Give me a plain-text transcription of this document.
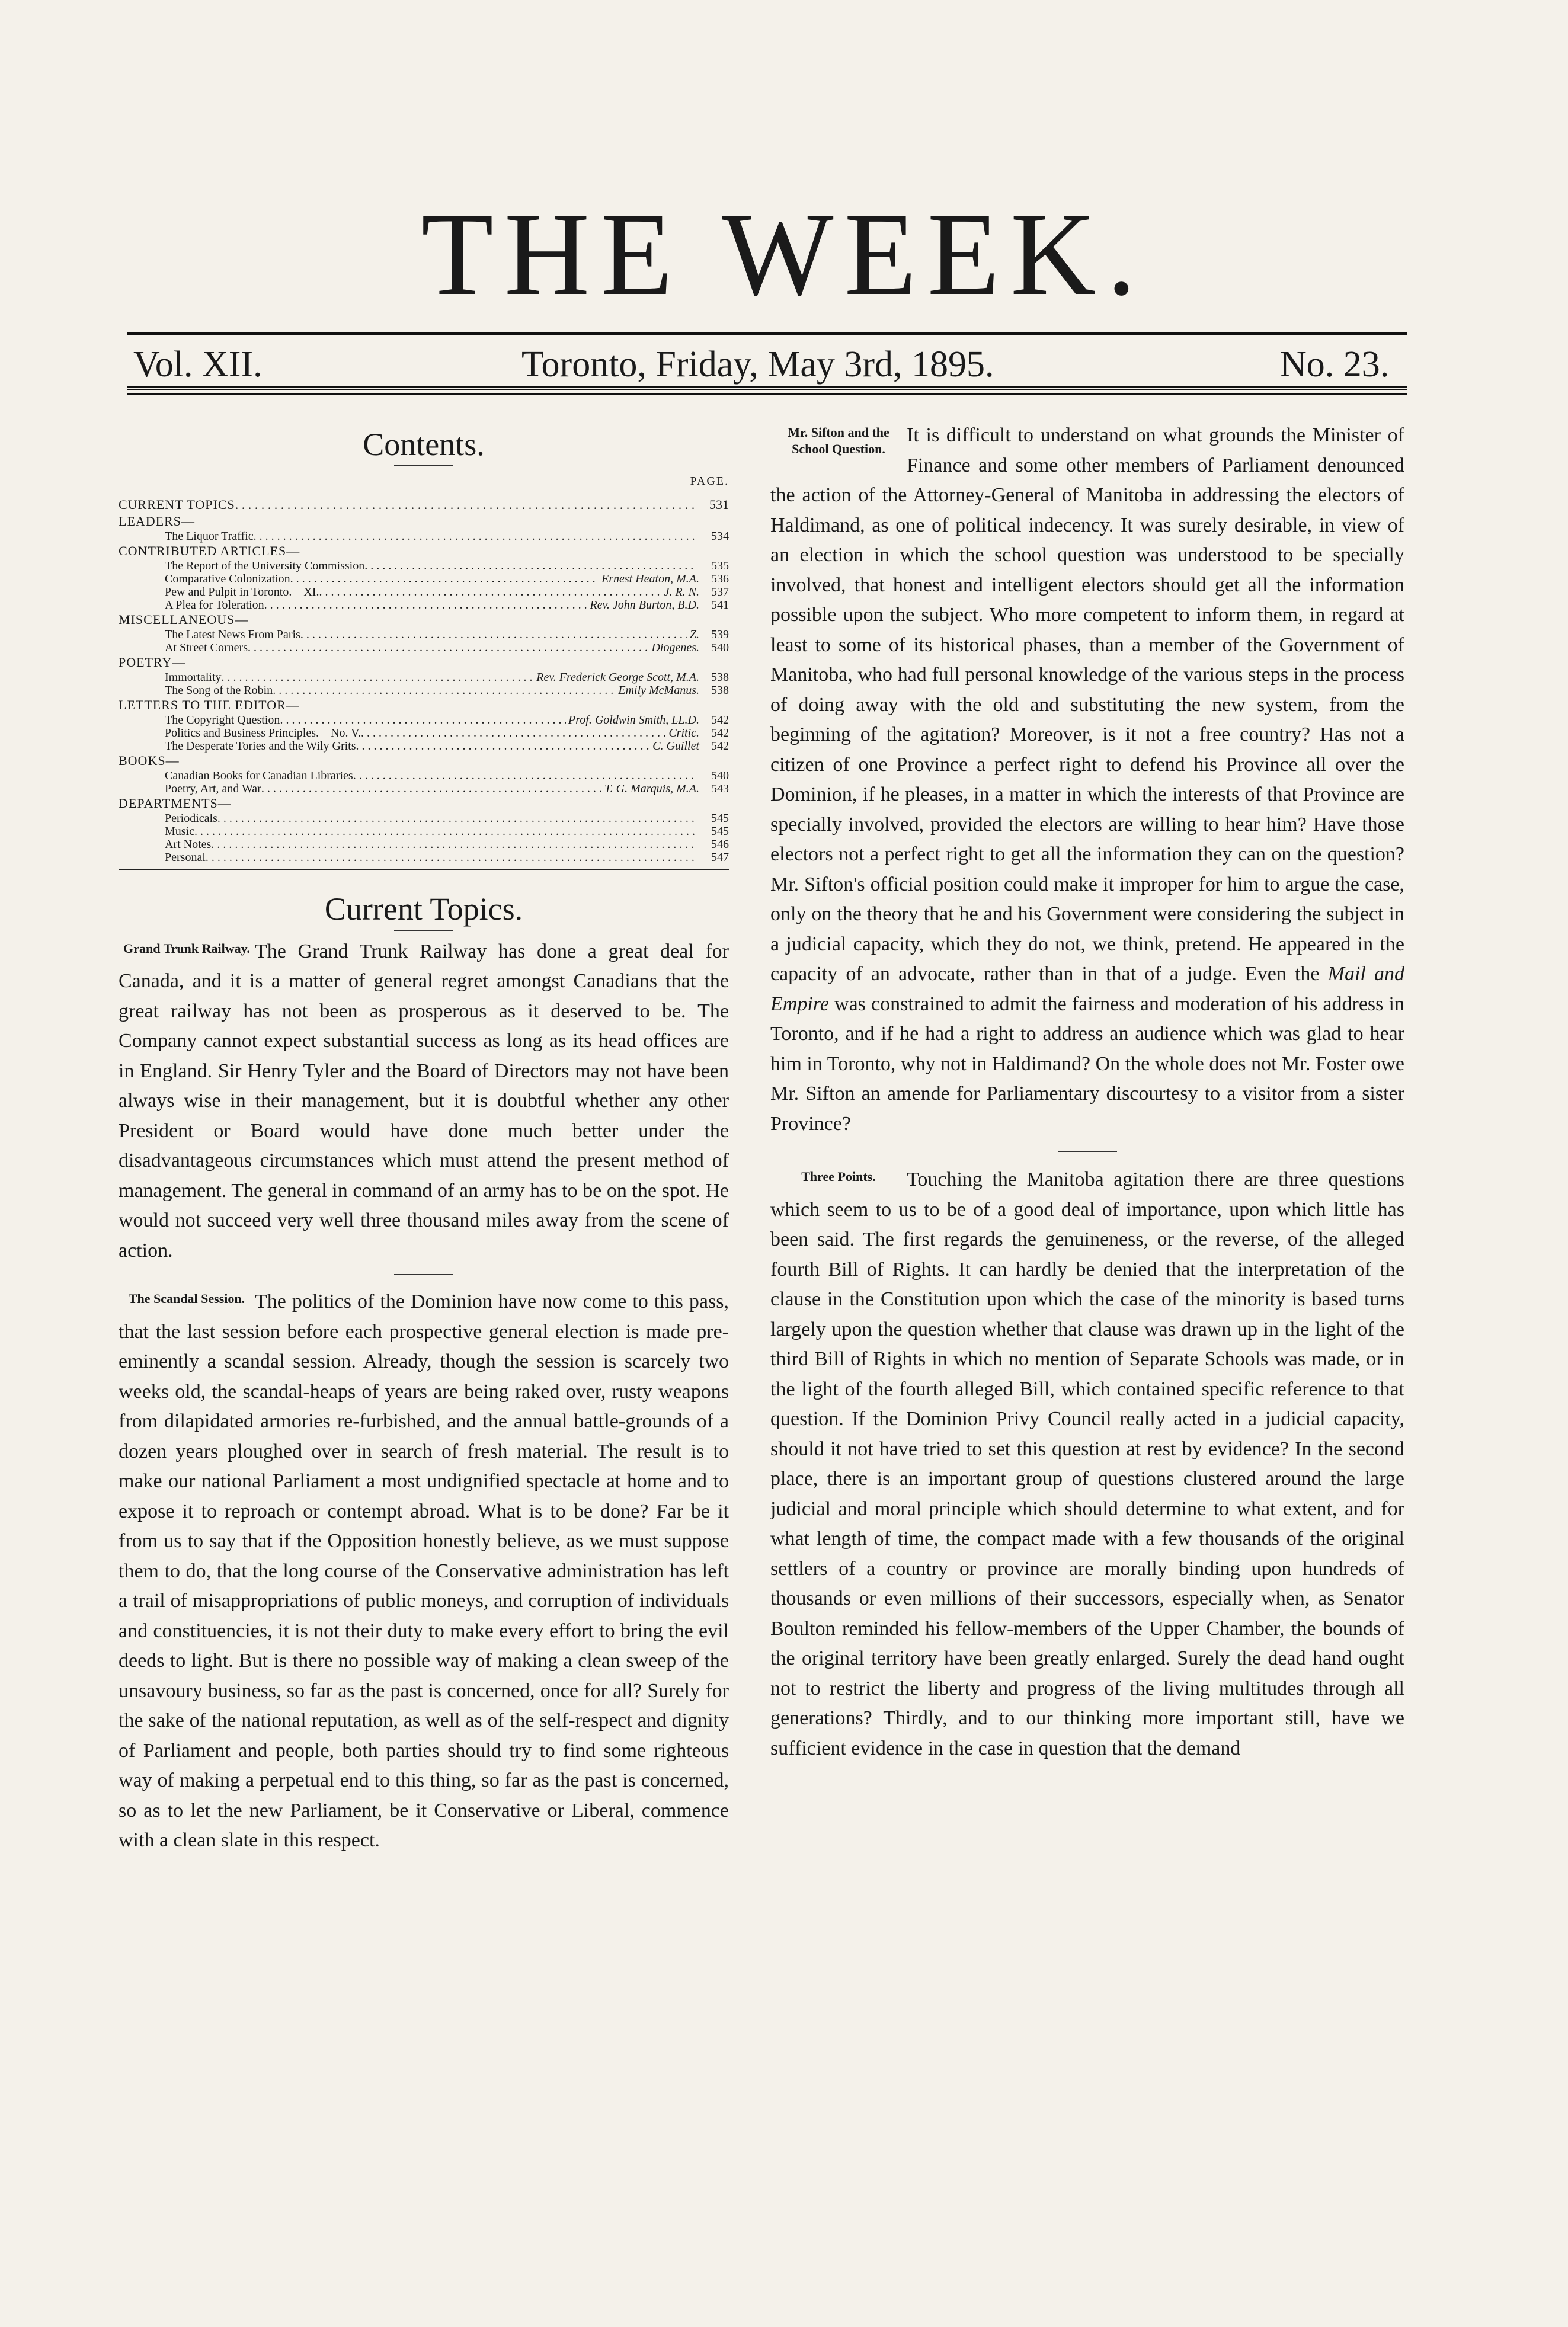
THE WEEK.
Vol. XII.	Toronto, Friday, May 3rd, 1895.	No. 23.
Contents.
PAGE.
CURRENT TOPICS . . .	531
LEADERS—
The Liquor Traffic . . .	534
CONTRIBUTED ARTICLES—
The Report of the University Commission . . .	535
Comparative Colonization . . .	Ernest Heaton, M.A.	536
Pew and Pulpit in Toronto.—XI. . . .	J. R. N.	537
A Plea for Toleration . . .	Rev. John Burton, B.D.	541
MISCELLANEOUS—
The Latest News From Paris . . .	Z.	539
At Street Corners . . .	Diogenes.	540
POETRY—
Immortality . . .	Rev. Frederick George Scott, M.A.	538
The Song of the Robin . . .	Emily McManus.	538
LETTERS TO THE EDITOR—
The Copyright Question . . .	Prof. Goldwin Smith, LL.D.	542
Politics and Business Principles.—No. V. . . .	Critic.	542
The Desperate Tories and the Wily Grits . . .	C. Guillet	542
BOOKS—
Canadian Books for Canadian Libraries . . .	540
Poetry, Art, and War . . .	T. G. Marquis, M.A.	543
DEPARTMENTS—
Periodicals . . .	545
Music . . .	545
Art Notes . . .	546
Personal . . .	547
Current Topics.
Grand Trunk Railway. The Grand Trunk Railway has done a great deal for Canada, and it is a matter of general regret amongst Canadians that the great railway has not been as prosperous as it deserved to be. The Company cannot expect substantial success as long as its head offices are in England. Sir Henry Tyler and the Board of Directors may not have been always wise in their management, but it is doubtful whether any other President or Board would have done much better under the disadvantageous circumstances which must attend the present method of management. The general in command of an army has to be on the spot. He would not succeed very well three thousand miles away from the scene of action.

The Scandal Session. The politics of the Dominion have now come to this pass, that the last session before each prospective general election is made pre-eminently a scandal session. Already, though the session is scarcely two weeks old, the scandal-heaps of years are being raked over, rusty weapons from dilapidated armories re-furbished, and the annual battle-grounds of a dozen years ploughed over in search of fresh material. The result is to make our national Parliament a most undignified spectacle at home and to expose it to reproach or contempt abroad. What is to be done? Far be it from us to say that if the Opposition honestly believe, as we must suppose them to do, that the long course of the Conservative administration has left a trail of misappropriations of public moneys, and corruption of individuals and constituencies, it is not their duty to make every effort to bring the evil deeds to light. But is there no possible way of making a clean sweep of the unsavoury business, so far as the past is concerned, once for all? Surely for the sake of the national reputation, as well as of the self-respect and dignity of Parliament and people, both parties should try to find some righteous way of making a perpetual end to this thing, so far as the past is concerned, so as to let the new Parliament, be it Conservative or Liberal, commence with a clean slate in this respect.

Mr. Sifton and the School Question.

It is difficult to understand on what grounds the Minister of Finance and some other members of Parliament denounced the action of the Attorney-General of Manitoba in addressing the electors of Haldimand, as one of political indecency. It was surely desirable, in view of an election in which the school question was understood to be specially involved, that honest and intelligent electors should get all the information possible upon the subject. Who more competent to inform them, in regard at least to some of its historical phases, than a member of the Government of Manitoba, who had full personal knowledge of the various steps in the process of doing away with the old and substituting the new system, from the beginning of the agitation? Moreover, is it not a free country? Has not a citizen of one Province a perfect right to defend his Province all over the Dominion, if he pleases, in a matter in which the interests of that Province are specially involved, provided the electors are willing to hear him? Have those electors not a perfect right to get all the information they can on the question? Mr. Sifton's official position could make it improper for him to argue the case, only on the theory that he and his Government were considering the subject in a judicial capacity, which they do not, we think, pretend. He appeared in the capacity of an advocate, rather than in that of a judge. Even the Mail and Empire was constrained to admit the fairness and moderation of his address in Toronto, and if he had a right to address an audience which was glad to hear him in Toronto, why not in Haldimand? On the whole does not Mr. Foster owe Mr. Sifton an amende for Parliamentary discourtesy to a visitor from a sister Province?

Three Points.	Touching the Manitoba agitation there are three questions which seem to us to be of a good deal of importance, upon which little has been said. The first regards the genuineness, or the reverse, of the alleged fourth Bill of Rights. It can hardly be denied that the interpretation of the clause in the Constitution upon which the case of the minority is based turns largely upon the question whether that clause was drawn up in the light of the third Bill of Rights in which no mention of Separate Schools was made, or in the light of the fourth alleged Bill, which contained specific reference to that question. If the Dominion Privy Council really acted in a judicial capacity, should it not have tried to set this question at rest by evidence? In the second place, there is an important group of questions clustered around the large judicial and moral principle which should determine to what extent, and for what length of time, the compact made with a few thousands of the original settlers of a country or province are morally binding upon hundreds of thousands or even millions of their successors, especially when, as Senator Boulton reminded his fellow-members of the Upper Chamber, the bounds of the original territory have been greatly enlarged. Surely the dead hand ought not to restrict the liberty and progress of the living multitudes through all generations? Thirdly, and to our thinking more important still, have we sufficient evidence in the case in question that the demand
